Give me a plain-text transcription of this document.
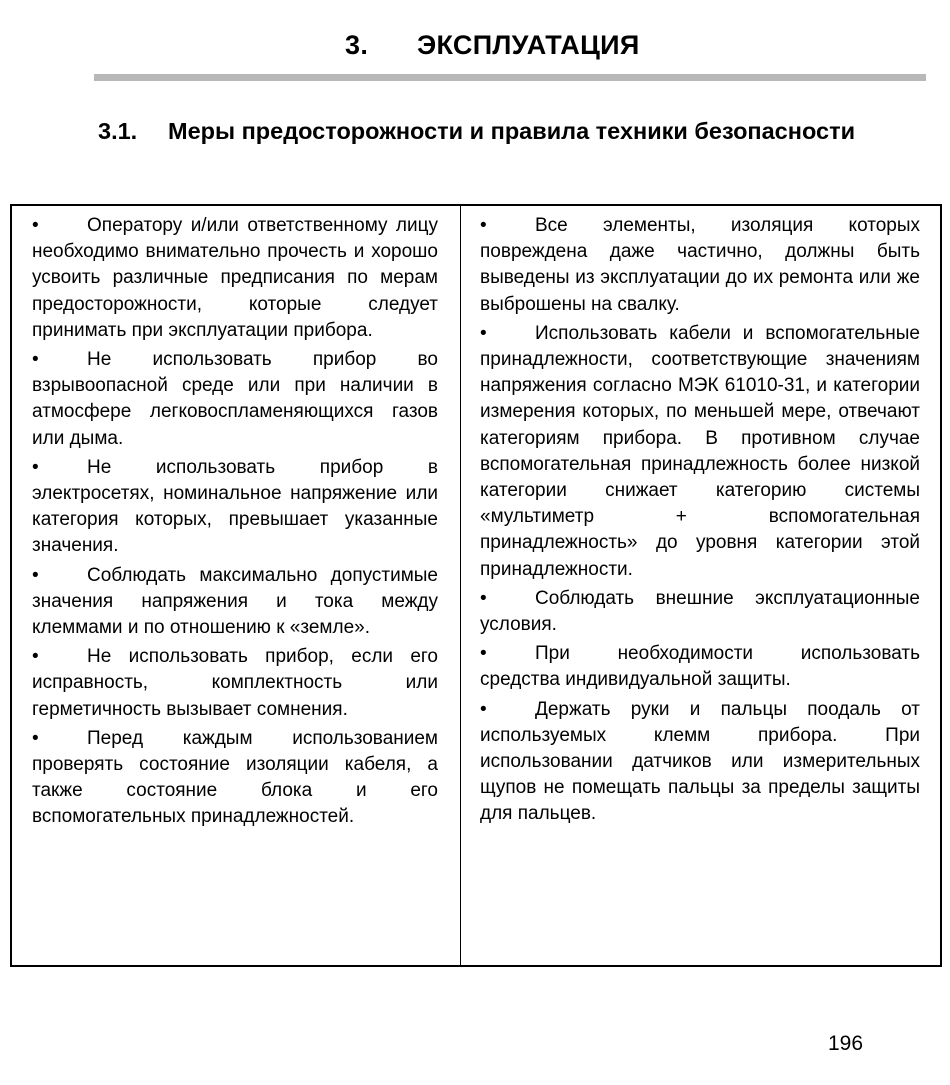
3. ЭКСПЛУАТАЦИЯ
3.1. Меры предосторожности и правила техники безопасности

•	Оператору и/или ответственному лицу необходимо внимательно прочесть и хорошо усвоить различные предписания по мерам предосторожности, которые следует принимать при эксплуатации прибора.

•	Не использовать прибор во взрывоопасной среде или при наличии в атмосфере легковоспламеняющихся газов или дыма.

•	Не использовать прибор в электросетях, номинальное напряжение или категория которых, превышает указанные значения.

•	Соблюдать максимально допустимые значения напряжения и тока между клеммами и по отношению к «земле».

•	Не использовать прибор, если его исправность, комплектность или герметичность вызывает сомнения.

•	Перед каждым использованием проверять состояние изоляции кабеля, а также состояние блока и его вспомогательных принадлежностей.

•	Все элементы, изоляция которых повреждена даже частично, должны быть выведены из эксплуатации до их ремонта или же выброшены на свалку.

•	Использовать кабели и вспомогательные принадлежности, соответствующие значениям напряжения согласно МЭК 61010-31, и категории измерения которых, по меньшей мере, отвечают категориям прибора. В противном случае вспомогательная принадлежность более низкой категории снижает категорию системы «мультиметр + вспомогательная принадлежность» до уровня категории этой принадлежности.

•	Соблюдать внешние эксплуатационные условия.

•	При необходимости использовать средства индивидуальной защиты.

•	Держать руки и пальцы поодаль от используемых клемм прибора. При использовании датчиков или измерительных щупов не помещать пальцы за пределы защиты для пальцев.

196
